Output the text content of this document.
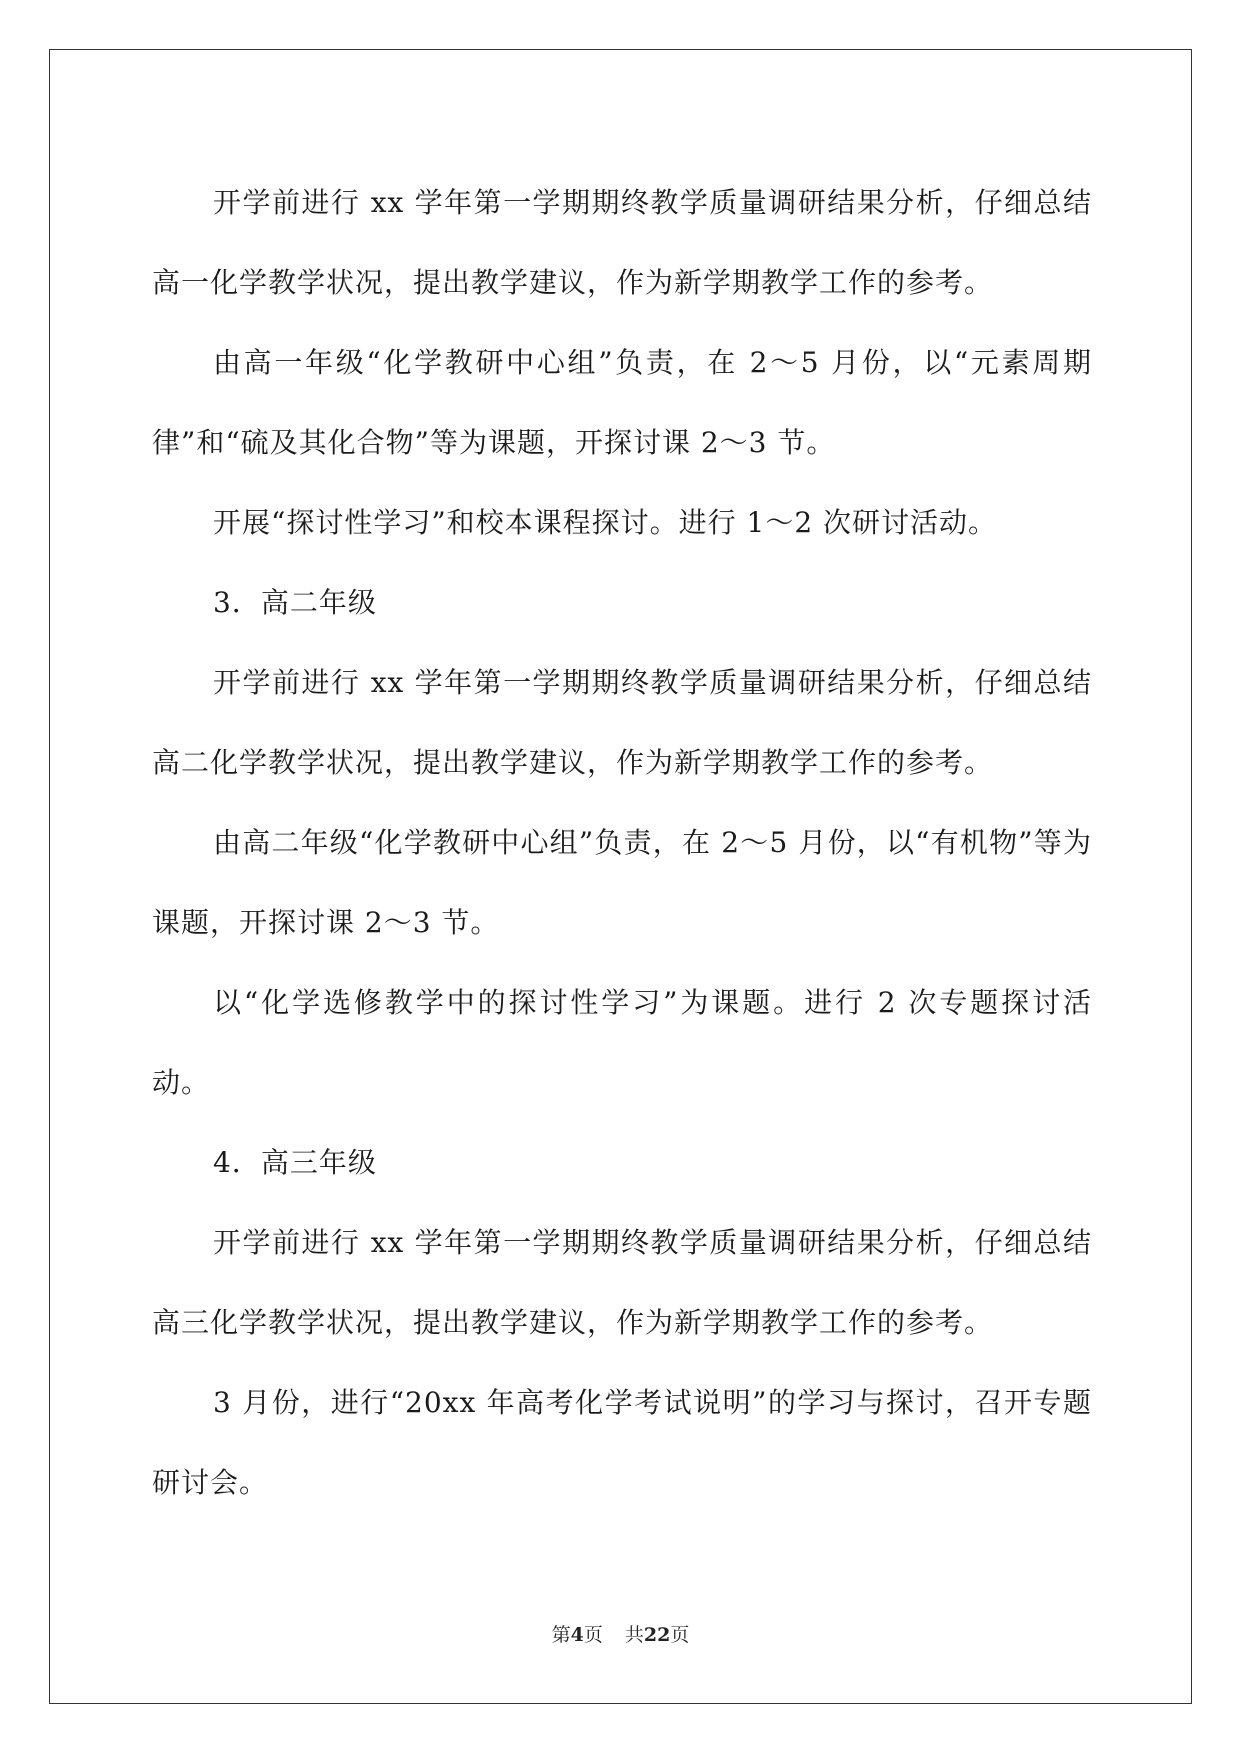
开学前进行 xx 学年第一学期期终教学质量调研结果分析，仔细总结高一化学教学状况，提出教学建议，作为新学期教学工作的参考。

由高一年级“化学教研中心组”负责，在 2～5 月份，以“元素周期律”和“硫及其化合物”等为课题，开探讨课 2～3 节。

开展“探讨性学习”和校本课程探讨。进行 1～2 次研讨活动。

3．高二年级

开学前进行 xx 学年第一学期期终教学质量调研结果分析，仔细总结高二化学教学状况，提出教学建议，作为新学期教学工作的参考。

由高二年级“化学教研中心组”负责，在 2～5 月份，以“有机物”等为课题，开探讨课 2～3 节。

以“化学选修教学中的探讨性学习”为课题。进行 2 次专题探讨活动。

4．高三年级

开学前进行 xx 学年第一学期期终教学质量调研结果分析，仔细总结高三化学教学状况，提出教学建议，作为新学期教学工作的参考。

3 月份，进行“20xx 年高考化学考试说明”的学习与探讨，召开专题研讨会。

第4页 共22页
